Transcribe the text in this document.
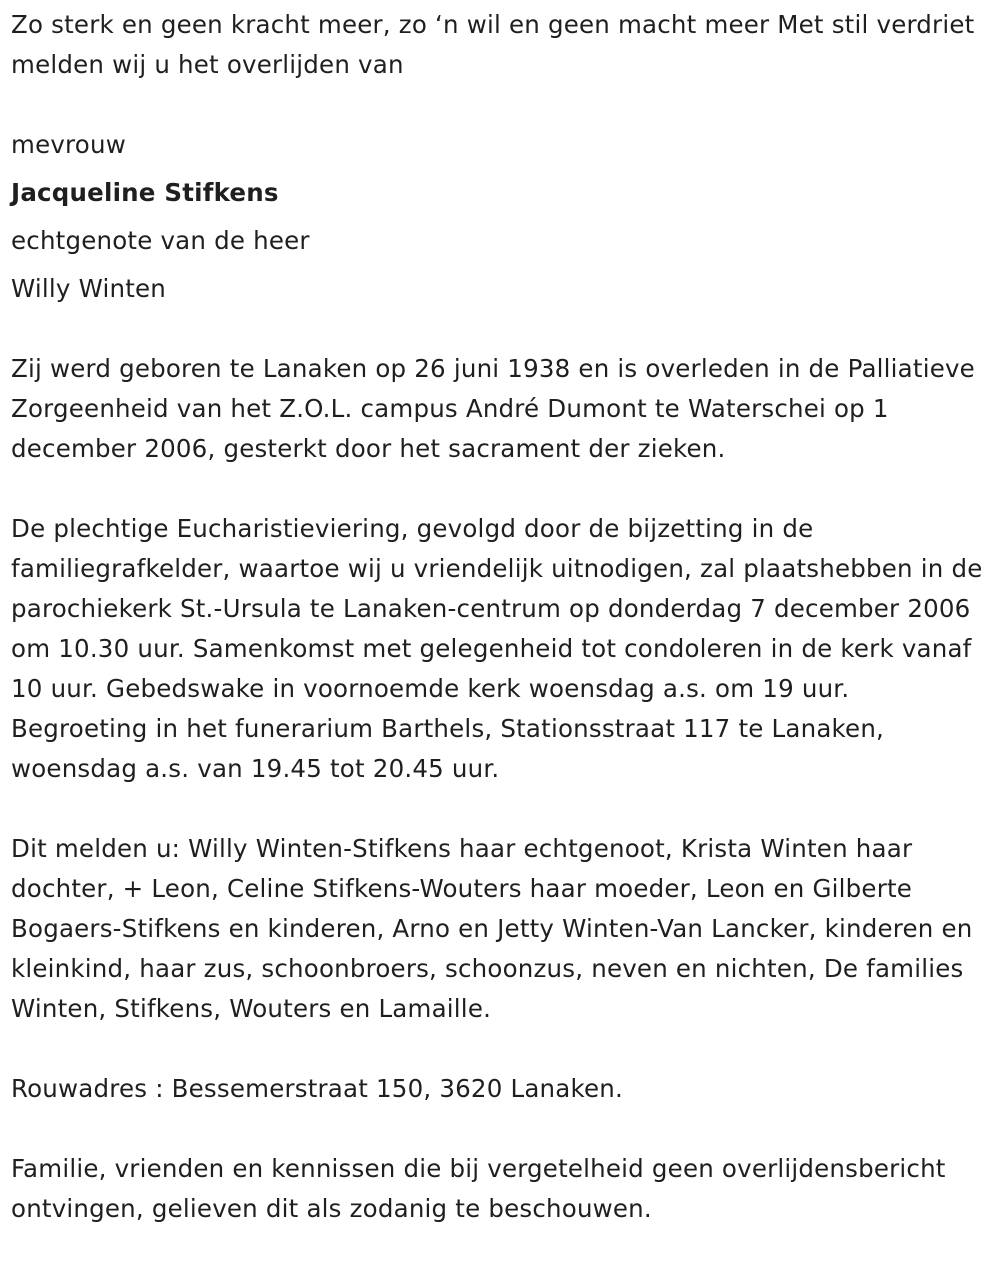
Zo sterk en geen kracht meer, zo ‘n wil en geen macht meer Met stil verdriet melden wij u het overlijden van

mevrouw

Jacqueline Stifkens

echtgenote van de heer

Willy Winten

Zij werd geboren te Lanaken op 26 juni 1938 en is overleden in de Palliatieve Zorgeenheid van het Z.O.L. campus André Dumont te Waterschei op 1 december 2006, gesterkt door het sacrament der zieken.

De plechtige Eucharistieviering, gevolgd door de bijzetting in de familiegrafkelder, waartoe wij u vriendelijk uitnodigen, zal plaatshebben in de parochiekerk St.-Ursula te Lanaken-centrum op donderdag 7 december 2006 om 10.30 uur. Samenkomst met gelegenheid tot condoleren in de kerk vanaf 10 uur. Gebedswake in voornoemde kerk woensdag a.s. om 19 uur. Begroeting in het funerarium Barthels, Stationsstraat 117 te Lanaken, woensdag a.s. van 19.45 tot 20.45 uur.

Dit melden u: Willy Winten-Stifkens haar echtgenoot, Krista Winten haar dochter, + Leon, Celine Stifkens-Wouters haar moeder, Leon en Gilberte Bogaers-Stifkens en kinderen, Arno en Jetty Winten-Van Lancker, kinderen en kleinkind, haar zus, schoonbroers, schoonzus, neven en nichten, De families Winten, Stifkens, Wouters en Lamaille.

Rouwadres : Bessemerstraat 150, 3620 Lanaken.

Familie, vrienden en kennissen die bij vergetelheid geen overlijdensbericht ontvingen, gelieven dit als zodanig te beschouwen.
